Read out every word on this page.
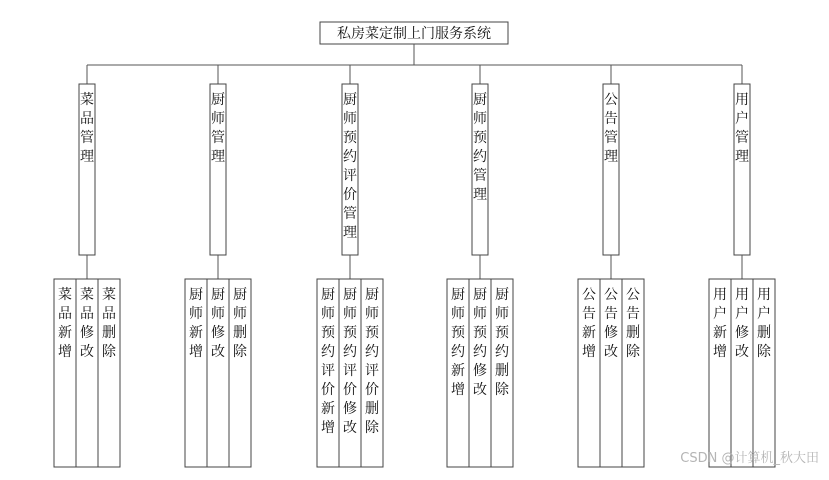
私房菜定制上门服务系统
菜
品
管
理
菜
品
新
增
菜
品
修
改
菜
品
删
除
厨
师
管
理
厨
师
新
增
厨
师
修
改
厨
师
删
除
厨
师
预
约
评
价
管
理
厨
师
预
约
评
价
新
增
厨
师
预
约
评
价
修
改
厨
师
预
约
评
价
删
除
厨
师
预
约
管
理
厨
师
预
约
新
增
厨
师
预
约
修
改
厨
师
预
约
删
除
公
告
管
理
公
告
新
增
公
告
修
改
公
告
删
除
用
户
管
理
用
户
新
增
用
户
修
改
用
户
删
除
CSDN @计算机_秋大田
